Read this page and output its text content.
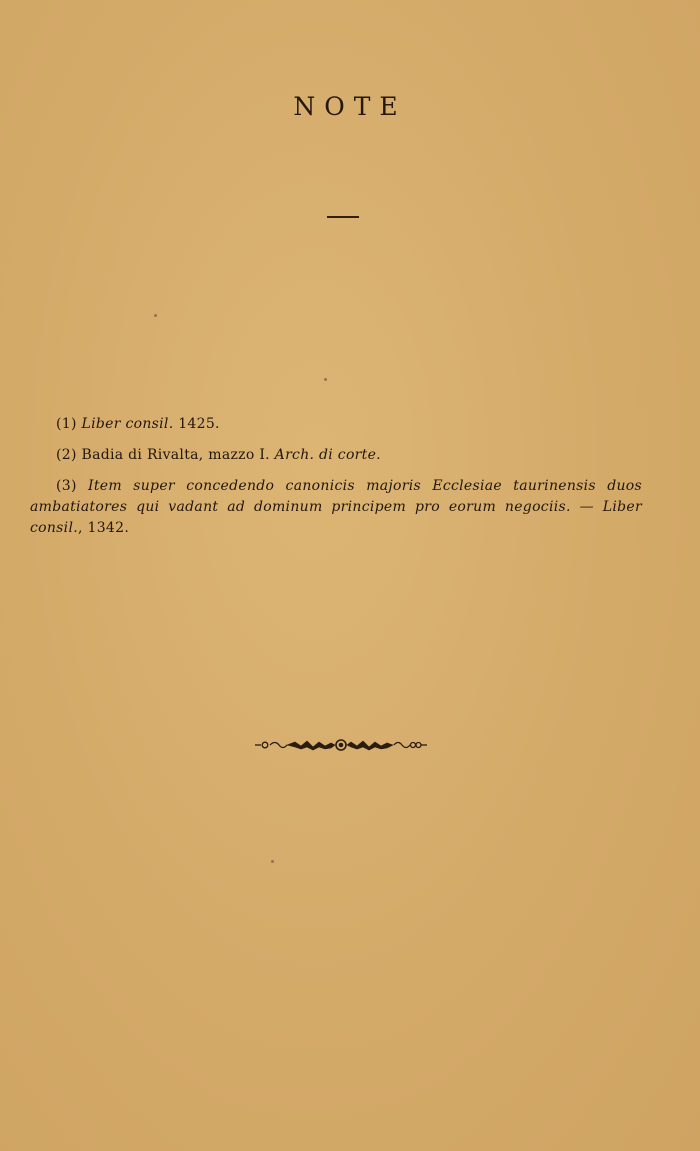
NOTE

(1) Liber consil. 1425.

(2) Badia di Rivalta, mazzo I. Arch. di corte.

(3) Item super concedendo canonicis majoris Ecclesiae taurinensis duos ambatiatores qui vadant ad dominum principem pro eorum negociis. — Liber consil., 1342.
